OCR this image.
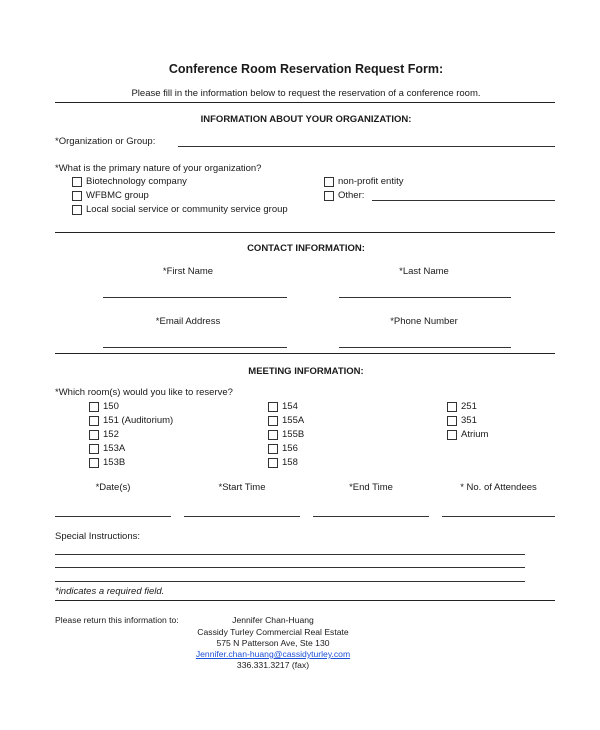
Conference Room Reservation Request Form:
Please fill in the information below to request the reservation of a conference room.
INFORMATION ABOUT YOUR ORGANIZATION:
*Organization or Group:
*What is the primary nature of your organization?
Biotechnology company
WFBMC group
Local social service or community service group
non-profit entity
Other:
CONTACT INFORMATION:
*First Name	*Last Name
*Email Address	*Phone Number
MEETING INFORMATION:
*Which room(s) would you like to reserve?
150
151 (Auditorium)
152
153A
153B
154
155A
155B
156
158
251
351
Atrium
*Date(s)	*Start Time	*End Time	* No. of Attendees
Special Instructions:
*indicates a required field.
Please return this information to:	Jennifer Chan-Huang
Cassidy Turley Commercial Real Estate
575 N Patterson Ave, Ste 130
Jennifer.chan-huang@cassidyturley.com
336.331.3217 (fax)
